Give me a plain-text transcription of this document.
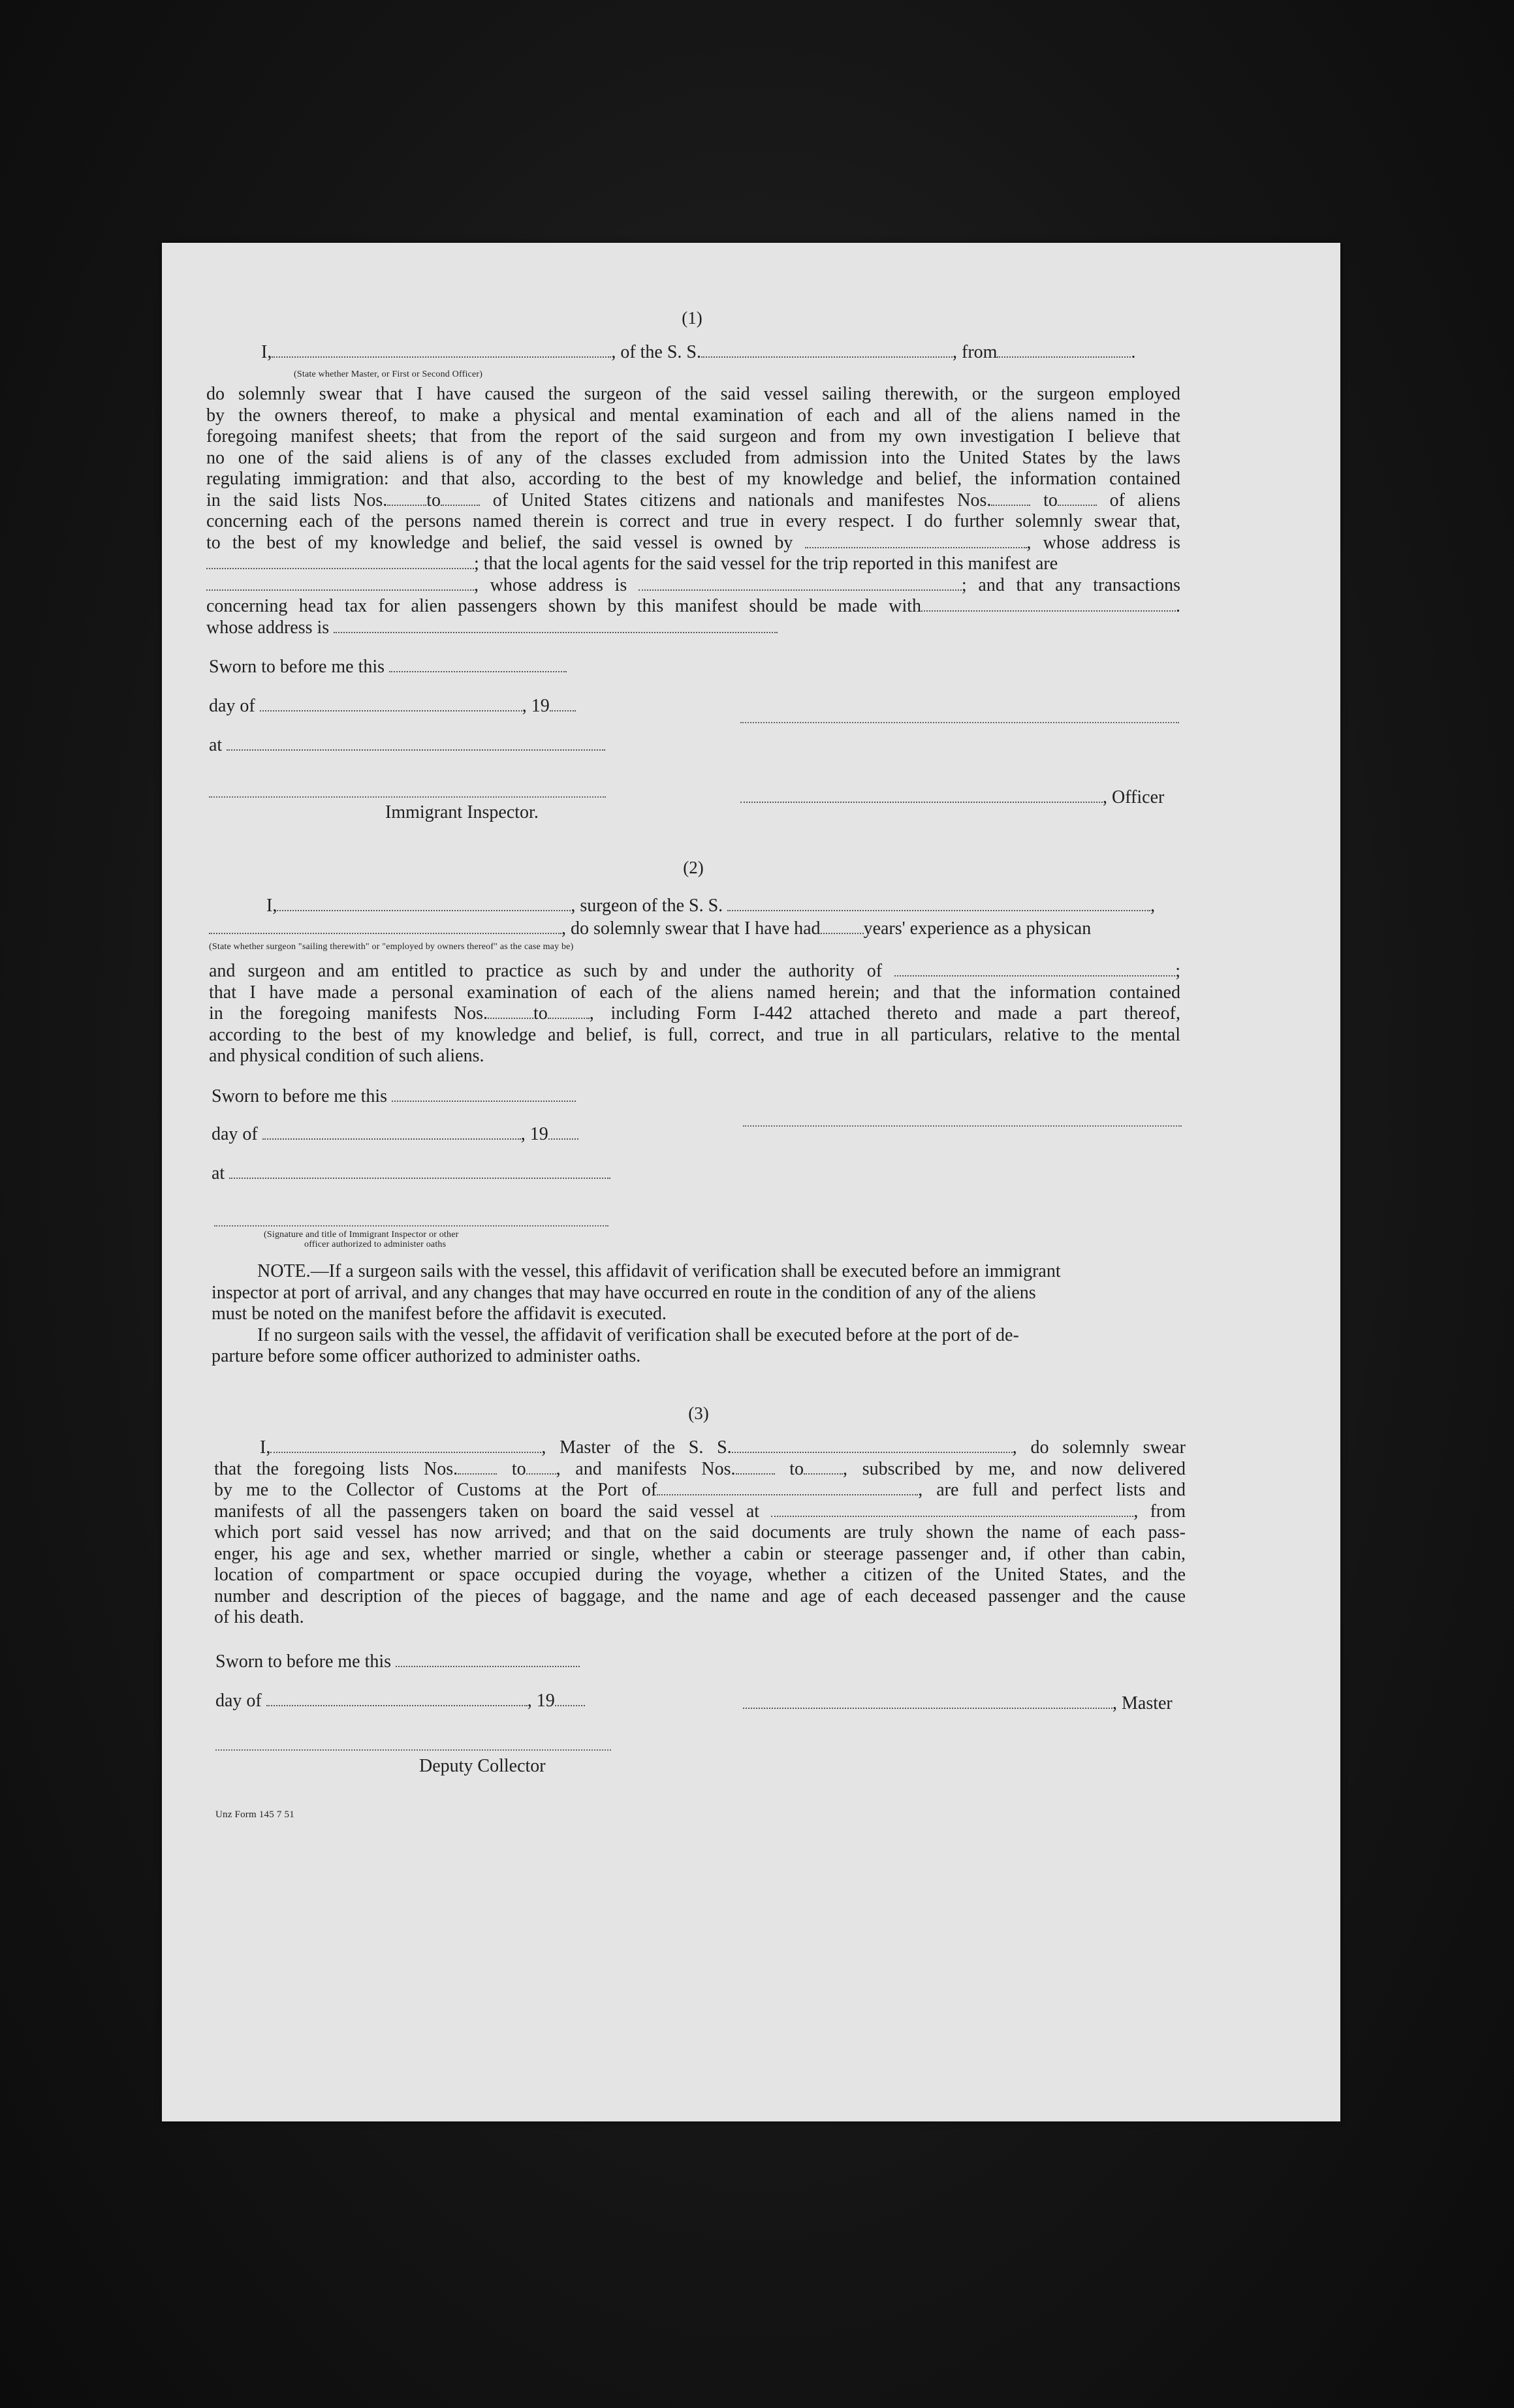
(1)
I,	, of the S. S.	, from	.
(State whether Master, or First or Second Officer)
do solemnly swear that I have caused the surgeon of the said vessel sailing therewith, or the surgeon employed
by the owners thereof, to make a physical and mental examination of each and all of the aliens named in the
foregoing manifest sheets; that from the report of the said surgeon and from my own investigation I believe that
no one of the said aliens is of any of the classes excluded from admission into the United States by the laws
regulating immigration: and that also, according to the best of my knowledge and belief, the information contained
in the said lists Nos. to	of United States citizens and nationals and manifestes Nos.	to	of aliens
concerning each of the persons named therein is correct and true in every respect. I do further solemnly swear that,
to the best of my knowledge and belief, the said vessel is owned by	, whose address is
; that the local agents for the said vessel for the trip reported in this manifest are
, whose address is	; and that any transactions
concerning head tax for alien passengers shown by this manifest should be made with	.
whose address is
Sworn to before me this
day of	, 19
at
, Officer
Immigrant Inspector.
(2)
I,	, surgeon of the S. S.	,
, do solemnly swear that I have had years' experience as a physican
(State whether surgeon "sailing therewith" or "employed by owners thereof" as the case may be)
and surgeon and am entitled to practice as such by and under the authority of	;
that I have made a personal examination of each of the aliens named herein; and that the information contained
in the foregoing manifests Nos.	to , including Form I-442 attached thereto and made a part thereof,
according to the best of my knowledge and belief, is full, correct, and true in all particulars, relative to the mental
and physical condition of such aliens.
Sworn to before me this
day of	, 19
at
(Signature and title of Immigrant Inspector or other
officer authorized to administer oaths
NOTE.—If a surgeon sails with the vessel, this affidavit of verification shall be executed before an immigrant
inspector at port of arrival, and any changes that may have occurred en route in the condition of any of the aliens
must be noted on the manifest before the affidavit is executed.
If no surgeon sails with the vessel, the affidavit of verification shall be executed before at the port of de-
parture before some officer authorized to administer oaths.
(3)
I,	, Master of the S. S.	, do solemnly swear
that the foregoing lists Nos.	to , and manifests Nos.	to , subscribed by me, and now delivered
by me to the Collector of Customs at the Port of	, are full and perfect lists and
manifests of all the passengers taken on board the said vessel at	, from
which port said vessel has now arrived; and that on the said documents are truly shown the name of each pass-
enger, his age and sex, whether married or single, whether a cabin or steerage passenger and, if other than cabin,
location of compartment or space occupied during the voyage, whether a citizen of the United States, and the
number and description of the pieces of baggage, and the name and age of each deceased passenger and the cause
of his death.
Sworn to before me this
day of	, 19	, Master
Deputy Collector
Unz Form 145 7 51
